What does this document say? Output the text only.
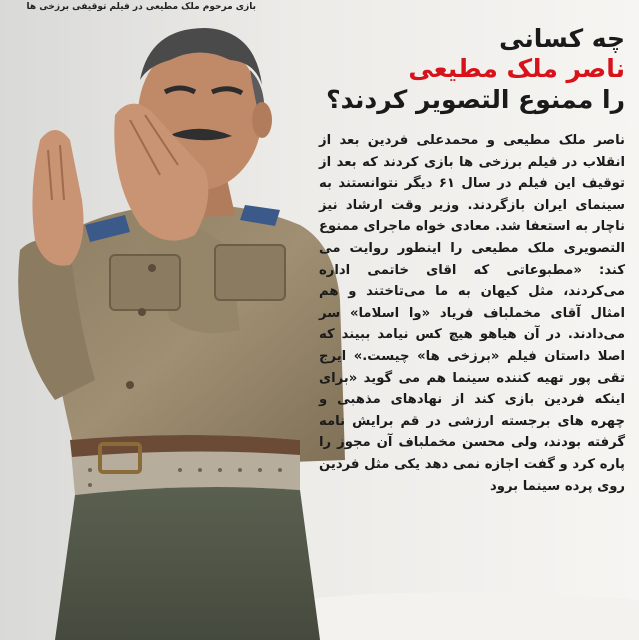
بازی مرحوم ملک مطیعی در فیلم توقیفی برزخی ها
چه کسانی
ناصر ملک مطیعی
را ممنوع التصویر کردند؟
ناصر ملک مطیعی و محمدعلی فردین بعد از انقلاب در فیلم برزخی ها بازی کردند که بعد از توقیف این فیلم در سال ۶۱ دیگر نتوانستند به سینمای ایران بازگردند. وزیر وقت ارشاد نیز ناچار به استعفا شد. معادی خواه ماجرای ممنوع التصویری ملک مطیعی را اینطور روایت می کند: «مطبوعاتی که اقای خاتمی اداره می‌کردند، مثل کیهان به ما می‌تاختند و هم امثال آقای مخملباف فریاد «وا اسلاما» سر می‌دادند. در آن هیاهو هیچ کس نیامد ببیند که اصلا داستان فیلم «برزخی ها» چیست.» ایرج تقی پور تهیه کننده سینما هم می گوید «برای اینکه فردین بازی کند از نهادهای مذهبی و چهره های برجسته ارزشی در قم برایش نامه گرفته بودند، ولی محسن مخملباف آن مجوز را پاره کرد و گفت اجازه نمی دهد یکی مثل فردین روی پرده سینما برود
